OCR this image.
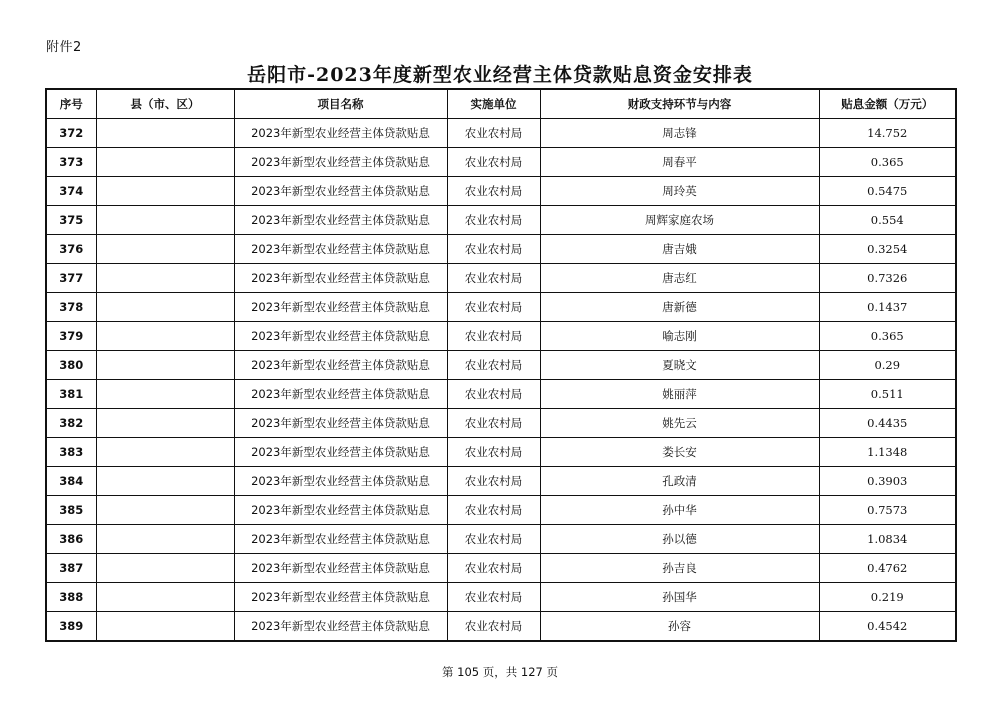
附件2
岳阳市-2023年度新型农业经营主体贷款贴息资金安排表
序号	县（市、区）	项目名称	实施单位	财政支持环节与内容	贴息金额（万元）
372		2023年新型农业经营主体贷款贴息	农业农村局	周志锋	14.752
373		2023年新型农业经营主体贷款贴息	农业农村局	周春平	0.365
374		2023年新型农业经营主体贷款贴息	农业农村局	周玲英	0.5475
375		2023年新型农业经营主体贷款贴息	农业农村局	周辉家庭农场	0.554
376		2023年新型农业经营主体贷款贴息	农业农村局	唐吉娥	0.3254
377		2023年新型农业经营主体贷款贴息	农业农村局	唐志红	0.7326
378		2023年新型农业经营主体贷款贴息	农业农村局	唐新德	0.1437
379		2023年新型农业经营主体贷款贴息	农业农村局	喻志刚	0.365
380		2023年新型农业经营主体贷款贴息	农业农村局	夏晓文	0.29
381		2023年新型农业经营主体贷款贴息	农业农村局	姚丽萍	0.511
382		2023年新型农业经营主体贷款贴息	农业农村局	姚先云	0.4435
383		2023年新型农业经营主体贷款贴息	农业农村局	娄长安	1.1348
384		2023年新型农业经营主体贷款贴息	农业农村局	孔政清	0.3903
385		2023年新型农业经营主体贷款贴息	农业农村局	孙中华	0.7573
386		2023年新型农业经营主体贷款贴息	农业农村局	孙以德	1.0834
387		2023年新型农业经营主体贷款贴息	农业农村局	孙吉良	0.4762
388		2023年新型农业经营主体贷款贴息	农业农村局	孙国华	0.219
389		2023年新型农业经营主体贷款贴息	农业农村局	孙容	0.4542
第 105 页，共 127 页
